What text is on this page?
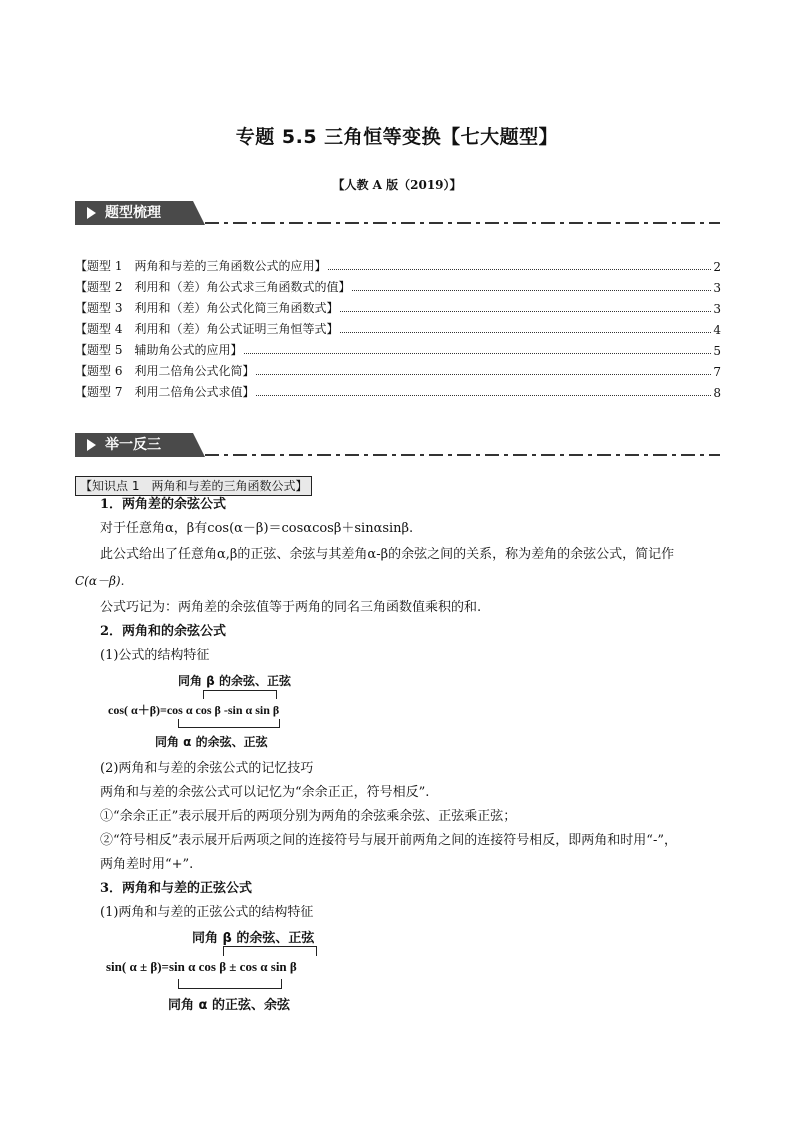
专题 5.5 三角恒等变换【七大题型】
【人教 A 版（2019）】
题型梳理
【题型 1　两角和与差的三角函数公式的应用】	2
【题型 2　利用和（差）角公式求三角函数式的值】	3
【题型 3　利用和（差）角公式化简三角函数式】	3
【题型 4　利用和（差）角公式证明三角恒等式】	4
【题型 5　辅助角公式的应用】	5
【题型 6　利用二倍角公式化简】	7
【题型 7　利用二倍角公式求值】	8
举一反三
【知识点 1　两角和与差的三角函数公式】
1．两角差的余弦公式
对于任意角α，β有cos(α－β)＝cosαcosβ＋sinαsinβ.
此公式给出了任意角α,β的正弦、余弦与其差角α-β的余弦之间的关系，称为差角的余弦公式，简记作
C(α－β).
公式巧记为：两角差的余弦值等于两角的同名三角函数值乘积的和.
2．两角和的余弦公式
(1)公式的结构特征
同角 β 的余弦、正弦
cos( α＋β)=cos α cos β -sin α sin β
同角 α 的余弦、正弦
(2)两角和与差的余弦公式的记忆技巧
两角和与差的余弦公式可以记忆为“余余正正，符号相反”.
①“余余正正”表示展开后的两项分别为两角的余弦乘余弦、正弦乘正弦；
②“符号相反”表示展开后两项之间的连接符号与展开前两角之间的连接符号相反，即两角和时用“-”，
两角差时用“+”.
3．两角和与差的正弦公式
(1)两角和与差的正弦公式的结构特征
同角 β 的余弦、正弦
sin( α ± β)=sin α cos β ± cos α sin β
同角 α 的正弦、余弦
